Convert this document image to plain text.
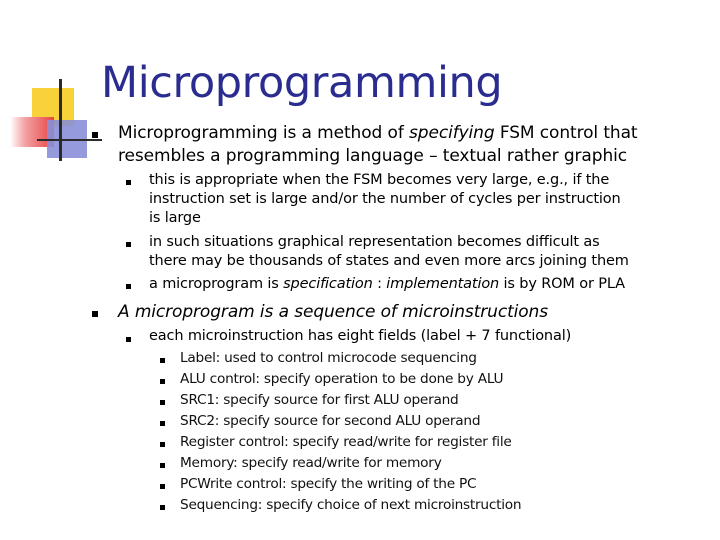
Microprogramming
Microprogramming is a method of specifying FSM control that
resembles a programming language – textual rather graphic
this is appropriate when the FSM becomes very large, e.g., if the
instruction set is large and/or the number of cycles per instruction
is large
in such situations graphical representation becomes difficult as
there may be thousands of states and even more arcs joining them
a microprogram is specification : implementation is by ROM or PLA
A microprogram is a sequence of microinstructions
each microinstruction has eight fields (label + 7 functional)
Label: used to control microcode sequencing
ALU control: specify operation to be done by ALU
SRC1: specify source for first ALU operand
SRC2: specify source for second ALU operand
Register control: specify read/write for register file
Memory: specify read/write for memory
PCWrite control: specify the writing of the PC
Sequencing: specify choice of next microinstruction
